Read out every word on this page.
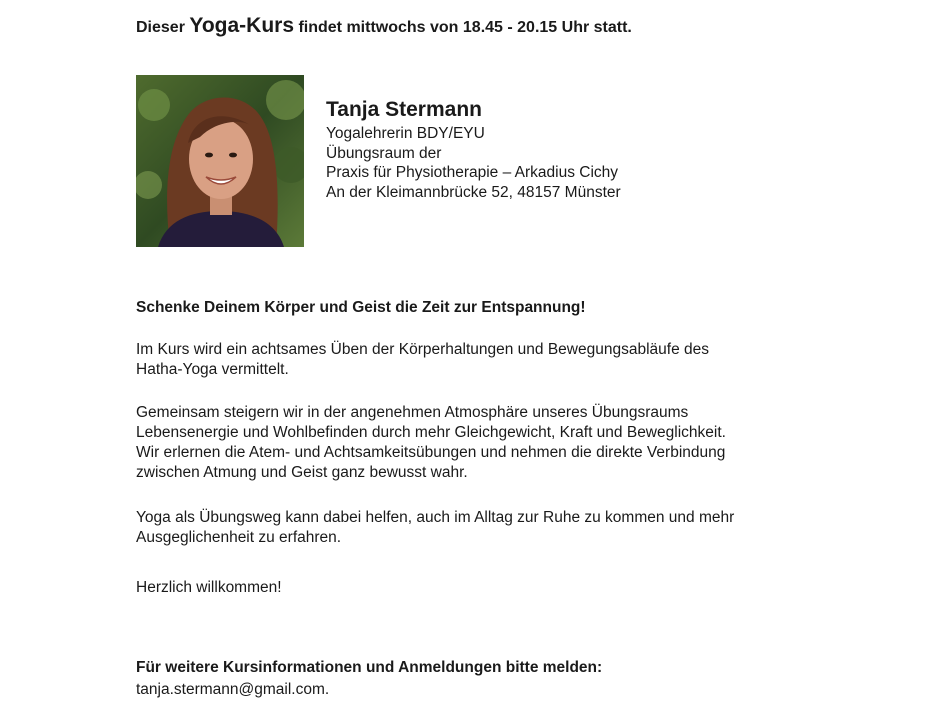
Dieser Yoga-Kurs findet mittwochs von 18.45 - 20.15 Uhr statt.
Tanja Stermann
Yogalehrerin BDY/EYU
Übungsraum der
Praxis für Physiotherapie – Arkadius Cichy
An der Kleimannbrücke 52, 48157 Münster
Schenke Deinem Körper und Geist die Zeit zur Entspannung!
Im Kurs wird ein achtsames Üben der Körperhaltungen und Bewegungsabläufe des
Hatha-Yoga vermittelt.
Gemeinsam steigern wir in der angenehmen Atmosphäre unseres Übungsraums
Lebensenergie und Wohlbefinden durch mehr Gleichgewicht, Kraft und Beweglichkeit.
Wir erlernen die Atem- und Achtsamkeitsübungen und nehmen die direkte Verbindung
zwischen Atmung und Geist ganz bewusst wahr.
Yoga als Übungsweg kann dabei helfen, auch im Alltag zur Ruhe zu kommen und mehr
Ausgeglichenheit zu erfahren.
Herzlich willkommen!
Für weitere Kursinformationen und Anmeldungen bitte melden:
tanja.stermann@gmail.com.
